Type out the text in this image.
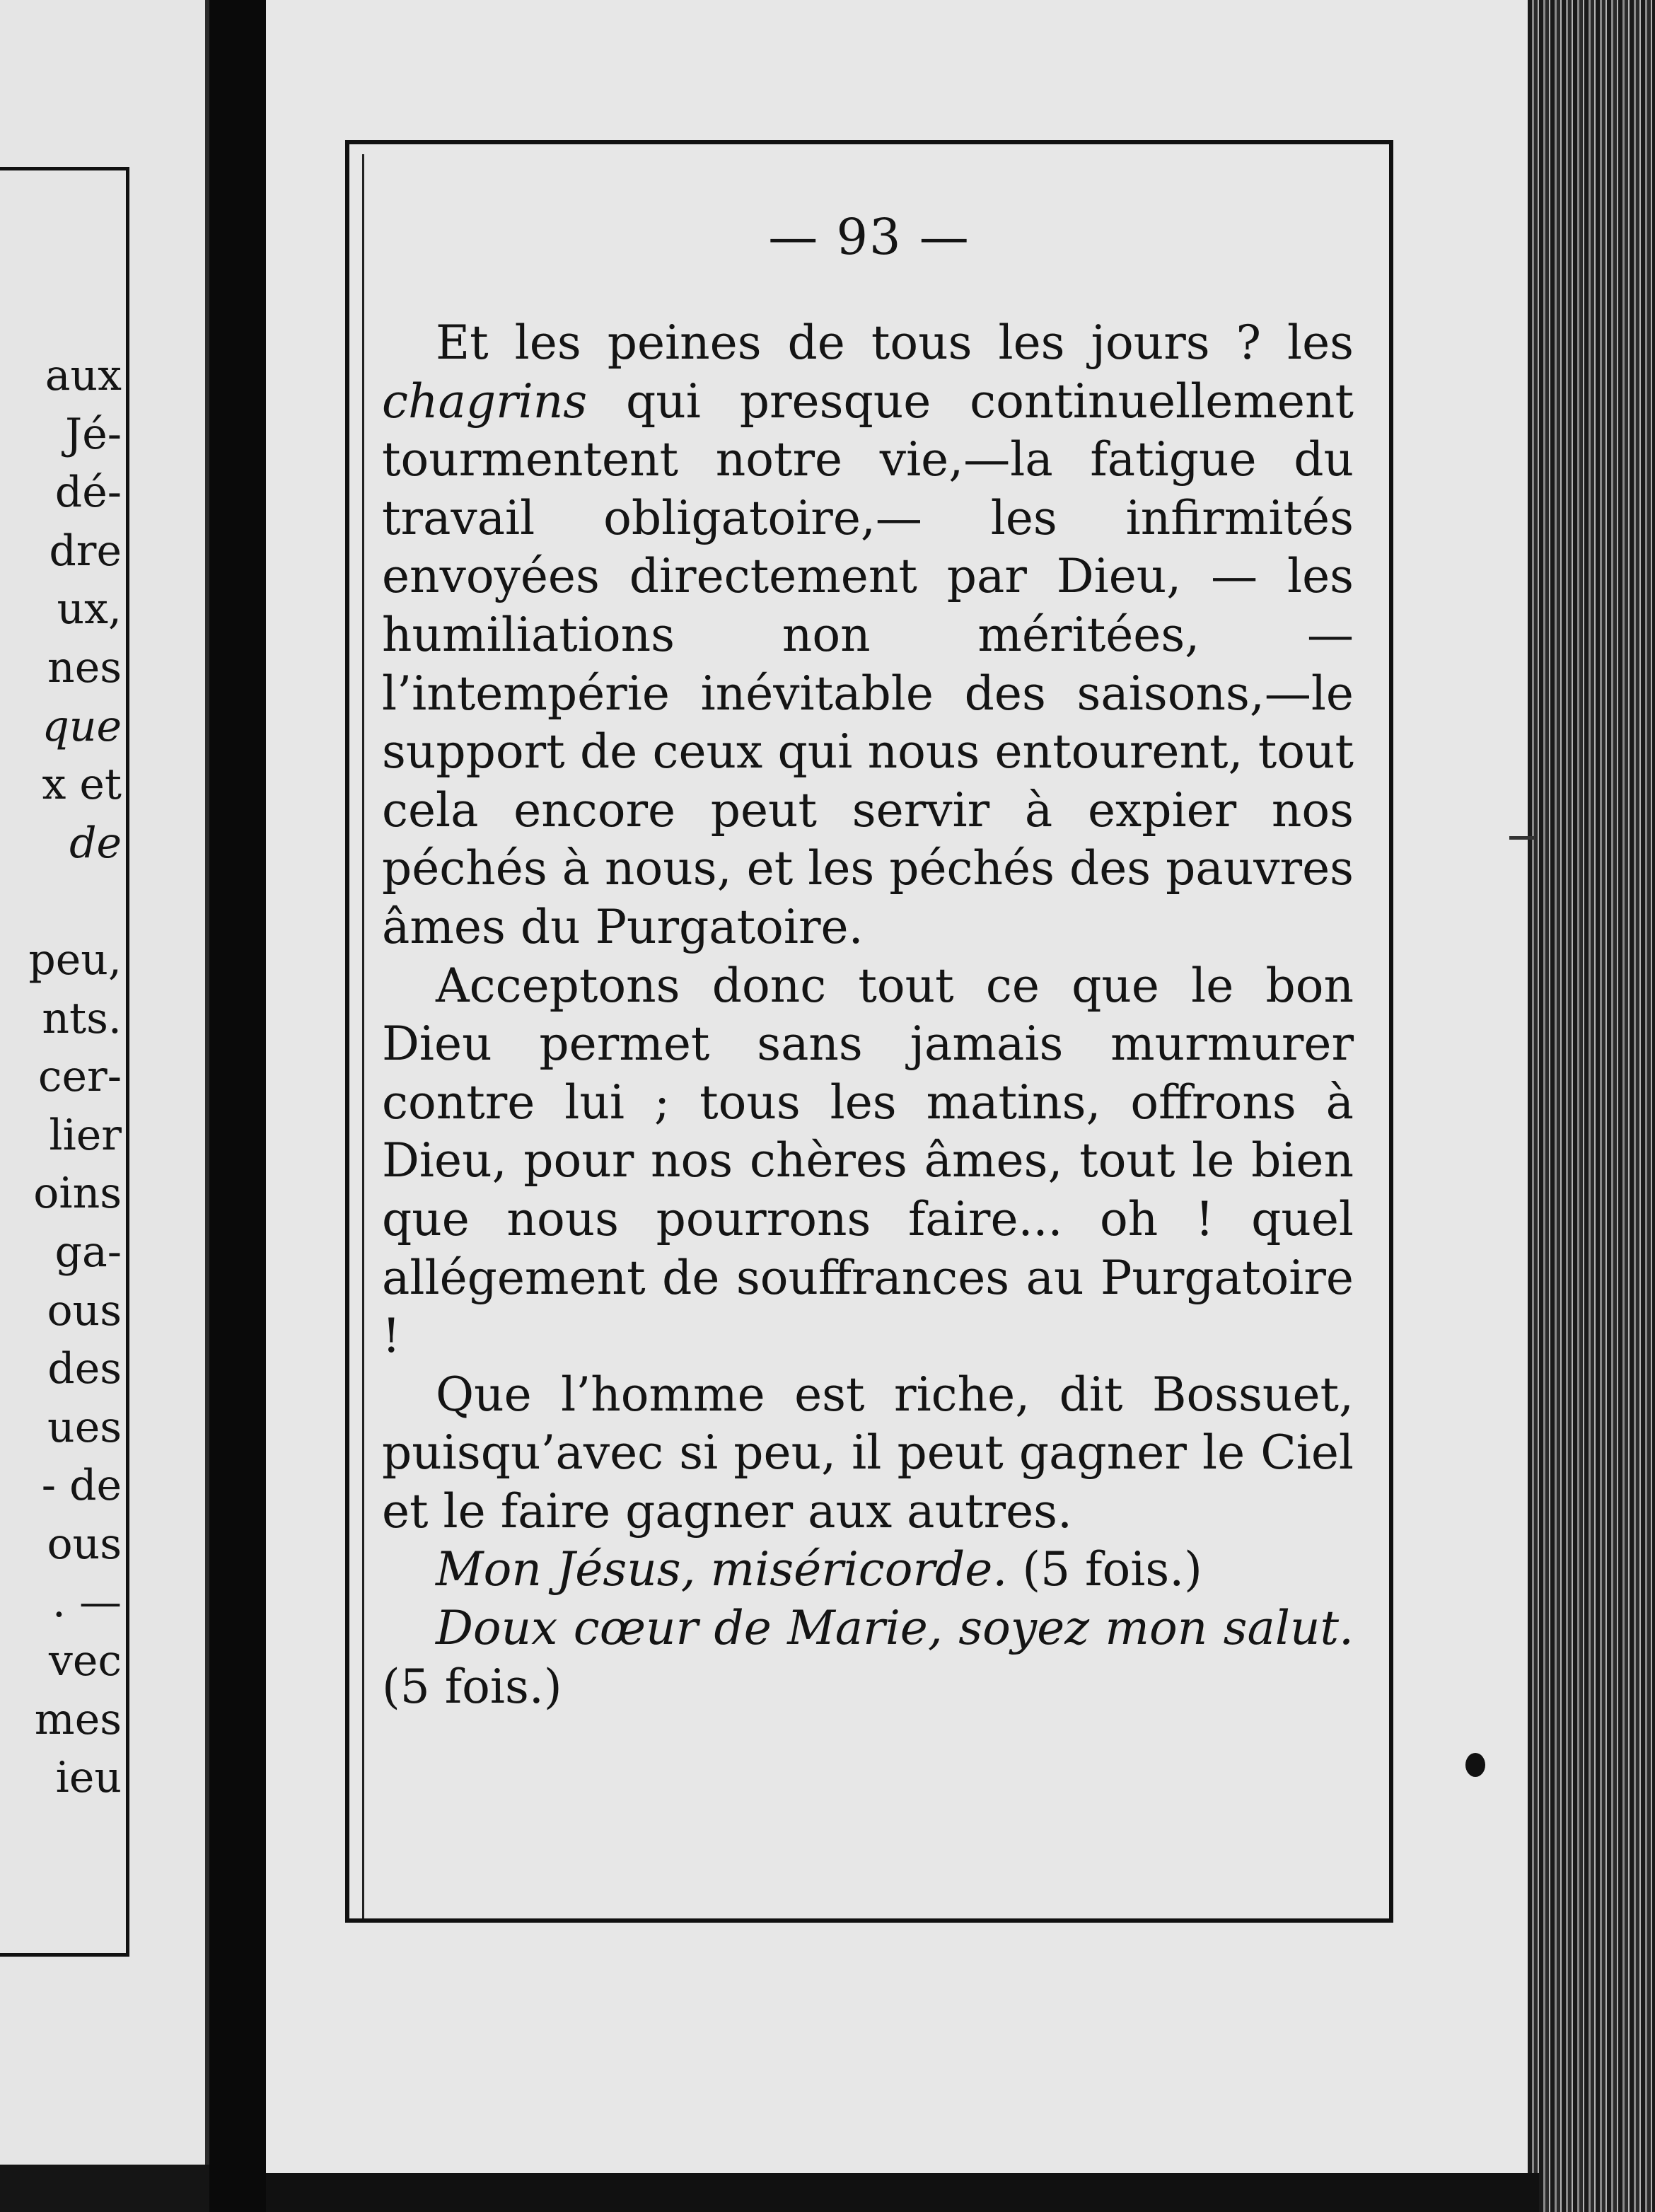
aux
Jé-
dé-
dre
ux,
nes
que
x et
de
peu,
nts.
cer-
lier
oins
ga-
ous
des
ues
- de
ous
. —
vec
mes
ieu
— 93 —

Et les peines de tous les jours ? les chagrins qui presque continuellement tourmentent notre vie,—la fatigue du travail obligatoire,— les infirmités envoyées directement par Dieu, — les humiliations non méritées, — l’intempérie inévitable des saisons,—le support de ceux qui nous entourent, tout cela encore peut servir à expier nos péchés à nous, et les péchés des pauvres âmes du Purgatoire.

Acceptons donc tout ce que le bon Dieu permet sans jamais murmurer contre lui ; tous les matins, offrons à Dieu, pour nos chères âmes, tout le bien que nous pourrons faire... oh ! quel allégement de souffrances au Purgatoire !

Que l’homme est riche, dit Bossuet, puisqu’avec si peu, il peut gagner le Ciel et le faire gagner aux autres.

Mon Jésus, miséricorde. (5 fois.)

Doux cœur de Marie, soyez mon salut. (5 fois.)
